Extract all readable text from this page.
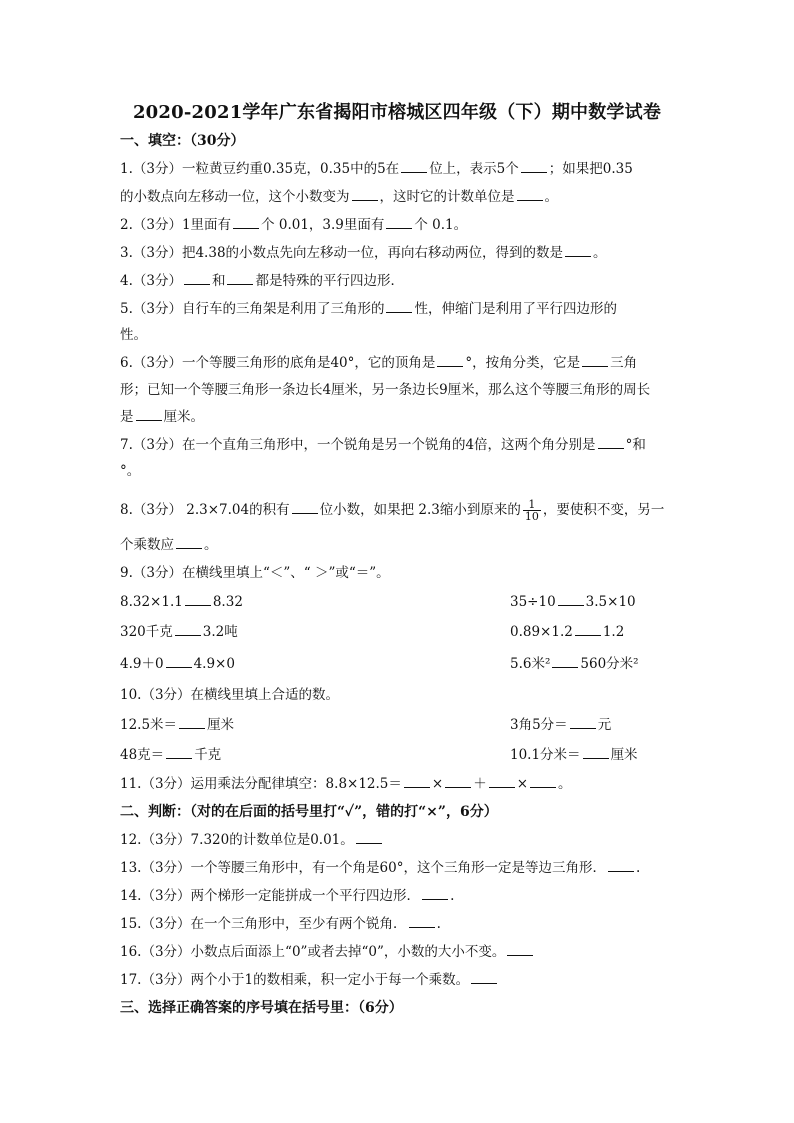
2020-2021学年广东省揭阳市榕城区四年级（下）期中数学试卷
一、填空：（30分）
1.（3分）一粒黄豆约重0.35克，0.35中的5在 位上，表示5个 ；如果把0.35
的小数点向左移动一位，这个小数变为 ，这时它的计数单位是 。
2.（3分）1里面有 个 0.01，3.9里面有 个 0.1。
3.（3分）把4.38的小数点先向左移动一位，再向右移动两位，得到的数是 。
4.（3分） 和 都是特殊的平行四边形．
5.（3分）自行车的三角架是利用了三角形的 性，伸缩门是利用了平行四边形的
性。
6.（3分）一个等腰三角形的底角是40°，它的顶角是 °，按角分类，它是 三角
形；已知一个等腰三角形一条边长4厘米，另一条边长9厘米，那么这个等腰三角形的周长
是 厘米。
7.（3分）在一个直角三角形中，一个锐角是另一个锐角的4倍，这两个角分别是 °和
°。
8.（3分） 2.3×7.04的积有 位小数，如果把 2.3缩小到原来的 $\frac{1}{10}$ ，要使积不变，另一
个乘数应 。
9.（3分）在横线里填上“＜”、“ ＞”或“＝”。
8.32×1.1 8.32	35÷10 3.5×10
320千克 3.2吨	0.89×1.2 1.2
4.9＋0 4.9×0	5.6米² 560分米²
10.（3分）在横线里填上合适的数。
12.5米＝ 厘米	3角5分＝ 元
48克＝ 千克	10.1分米＝ 厘米
11.（3分）运用乘法分配律填空：8.8×12.5＝ × ＋ × 。
二、判断：（对的在后面的括号里打“✓”，错的打“×”，6分）
12.（3分）7.320的计数单位是0.01。
13.（3分）一个等腰三角形中，有一个角是60°，这个三角形一定是等边三角形． .
14.（3分）两个梯形一定能拼成一个平行四边形． .
15.（3分）在一个三角形中，至少有两个锐角． .
16.（3分）小数点后面添上“0”或者去掉“0”，小数的大小不变。
17.（3分）两个小于1的数相乘，积一定小于每一个乘数。
三、选择正确答案的序号填在括号里：（6分）
